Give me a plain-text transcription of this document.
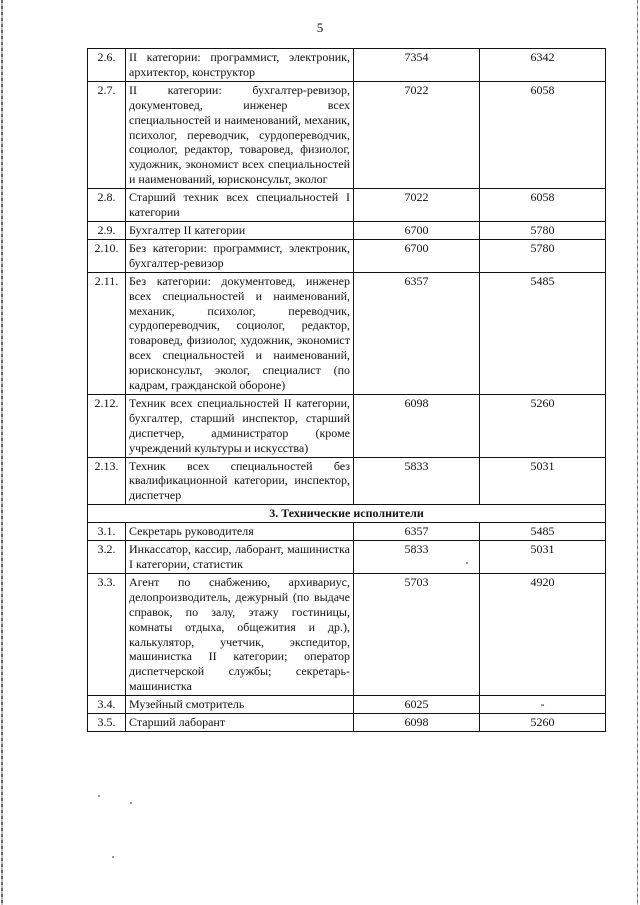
5
2.6.	II категории: программист, электроник, архитектор, конструктор	7354	6342
2.7.	II категории: бухгалтер-ревизор, документовед, инженер всех специальностей и наименований, механик, психолог, переводчик, сурдопереводчик, социолог, редактор, товаровед, физиолог, художник, экономист всех специальностей и наименований, юрисконсульт, эколог	7022	6058
2.8.	Старший техник всех специальностей I категории	7022	6058
2.9.	Бухгалтер II категории	6700	5780
2.10.	Без категории: программист, электроник, бухгалтер-ревизор	6700	5780
2.11.	Без категории: документовед, инженер всех специальностей и наименований, механик, психолог, переводчик, сурдопереводчик, социолог, редактор, товаровед, физиолог, художник, экономист всех специальностей и наименований, юрисконсульт, эколог, специалист (по кадрам, гражданской обороне)	6357	5485
2.12.	Техник всех специальностей II категории, бухгалтер, старший инспектор, старший диспетчер, администратор (кроме учреждений культуры и искусства)	6098	5260
2.13.	Техник всех специальностей без квалификационной категории, инспектор, диспетчер	5833	5031
3. Технические исполнители			
3.1.	Секретарь руководителя	6357	5485
3.2.	Инкассатор, кассир, лаборант, машинистка I категории, статистик	5833	5031
3.3.	Агент по снабжению, архивариус, делопроизводитель, дежурный (по выдаче справок, по залу, этажу гостиницы, комнаты отдыха, общежития и др.), калькулятор, учетчик, экспедитор, машинистка II категории; оператор диспетчерской службы; секретарь-машинистка	5703	4920
3.4.	Музейный смотритель	6025	-
3.5.	Старший лаборант	6098	5260
